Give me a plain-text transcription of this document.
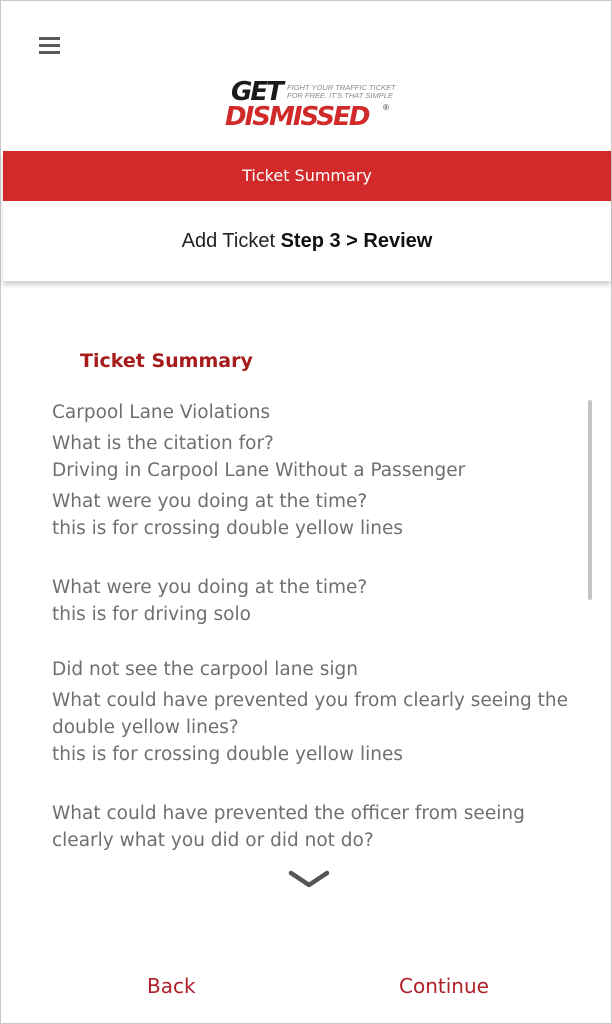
GET FIGHT YOUR TRAFFIC TICKET
FOR FREE. IT'S THAT SIMPLE
DISMISSED ®
Ticket Summary
Add Ticket Step 3 > Review
Ticket Summary
Carpool Lane Violations
What is the citation for?
Driving in Carpool Lane Without a Passenger
What were you doing at the time?
this is for crossing double yellow lines
What were you doing at the time?
this is for driving solo
Did not see the carpool lane sign
What could have prevented you from clearly seeing the double yellow lines?
this is for crossing double yellow lines
What could have prevented the officer from seeing clearly what you did or did not do?
Back	Continue
